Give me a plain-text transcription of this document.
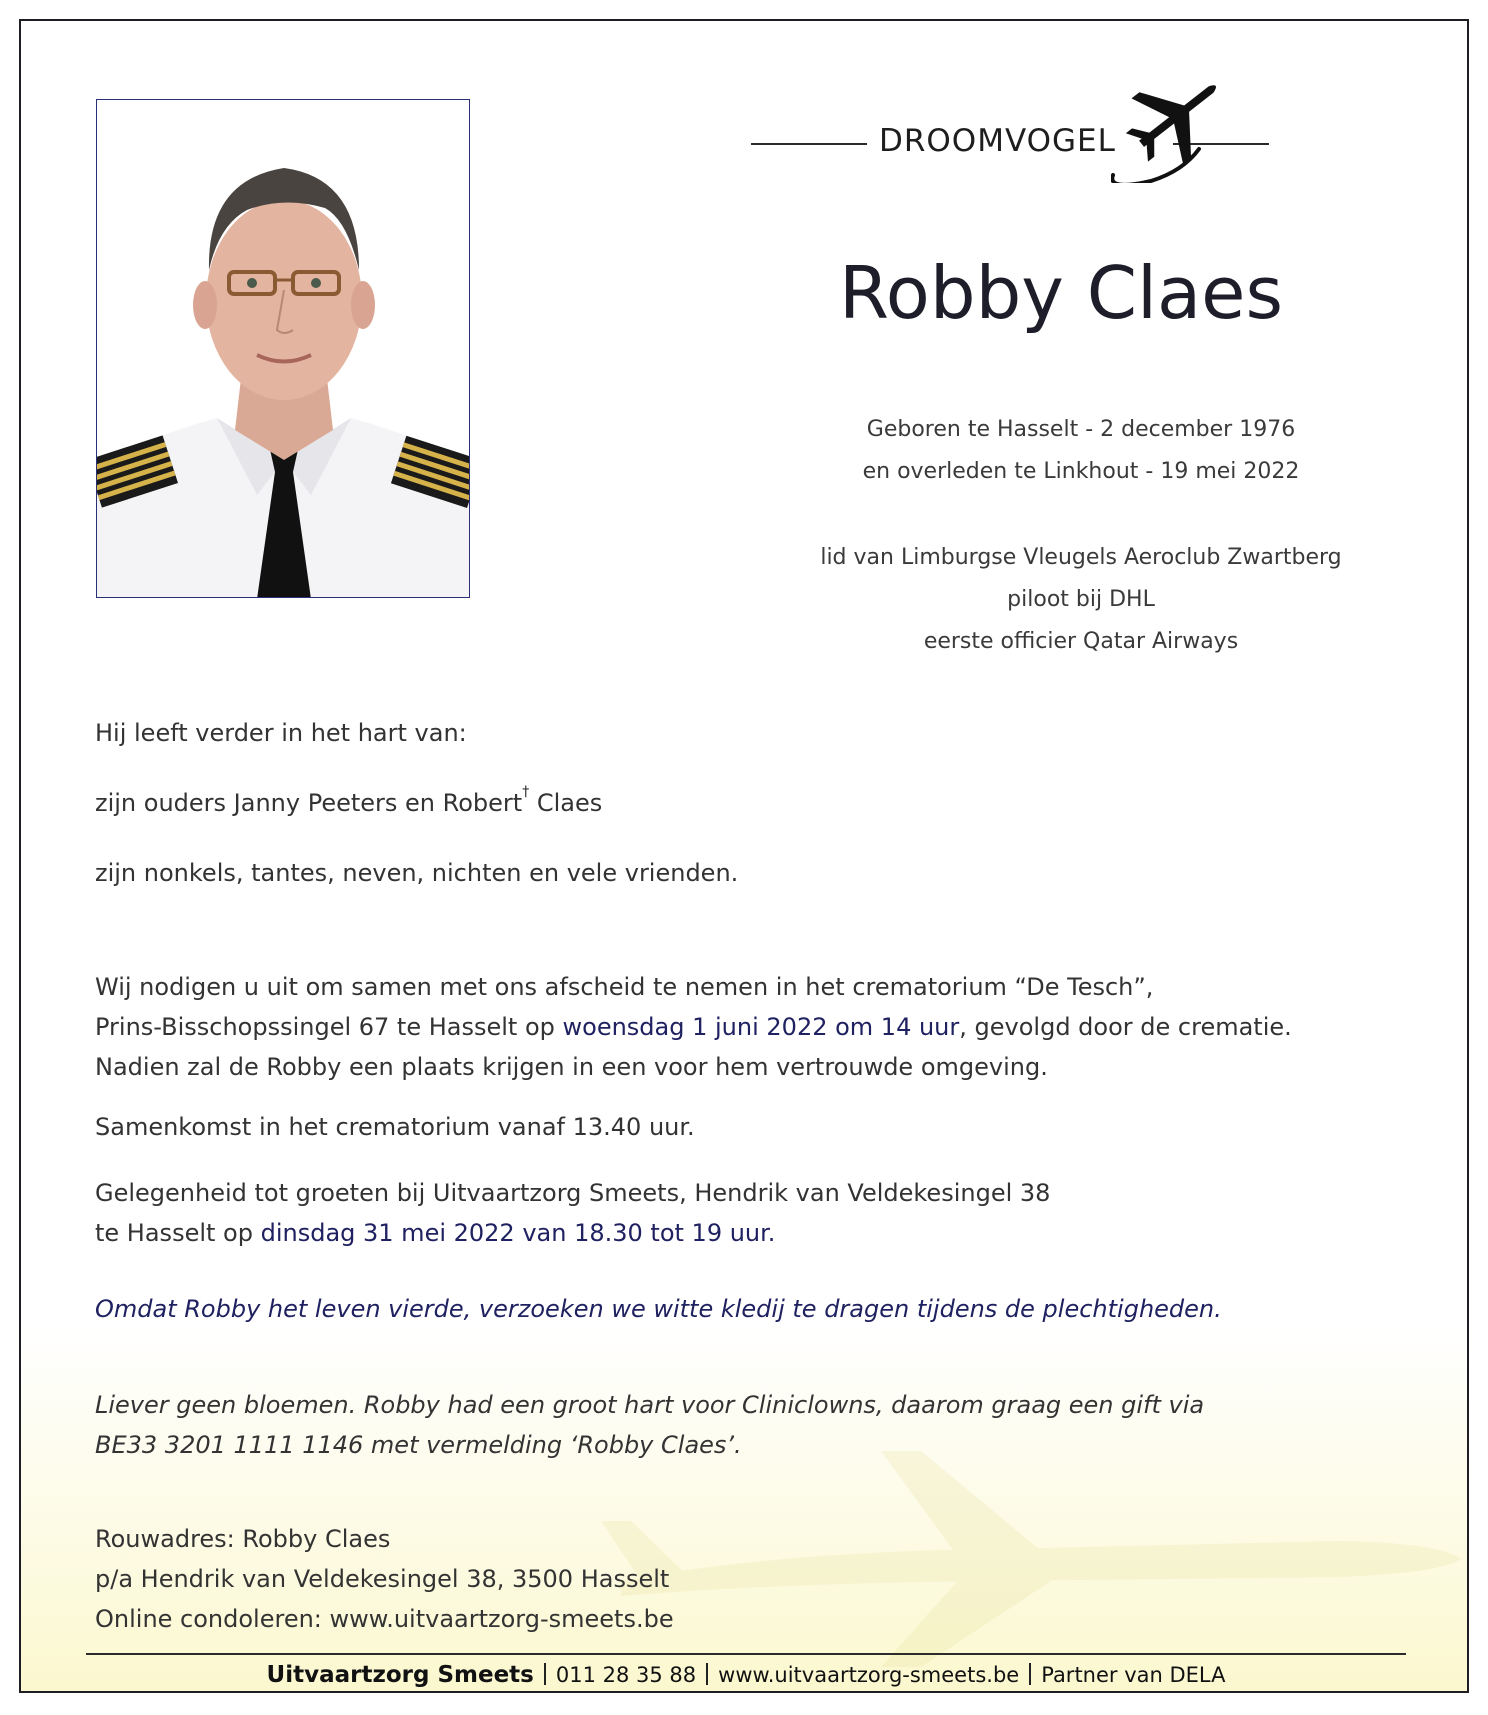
DROOMVOGEL
Robby Claes
Geboren te Hasselt - 2 december 1976
en overleden te Linkhout - 19 mei 2022
lid van Limburgse Vleugels Aeroclub Zwartberg
piloot bij DHL
eerste officier Qatar Airways
Hij leeft verder in het hart van:
zijn ouders Janny Peeters en Robert† Claes
zijn nonkels, tantes, neven, nichten en vele vrienden.
Wij nodigen u uit om samen met ons afscheid te nemen in het crematorium “De Tesch”,
Prins-Bisschopssingel 67 te Hasselt op woensdag 1 juni 2022 om 14 uur, gevolgd door de crematie.
Nadien zal de Robby een plaats krijgen in een voor hem vertrouwde omgeving.
Samenkomst in het crematorium vanaf 13.40 uur.
Gelegenheid tot groeten bij Uitvaartzorg Smeets, Hendrik van Veldekesingel 38
te Hasselt op dinsdag 31 mei 2022 van 18.30 tot 19 uur.
Omdat Robby het leven vierde, verzoeken we witte kledij te dragen tijdens de plechtigheden.
Liever geen bloemen. Robby had een groot hart voor Cliniclowns, daarom graag een gift via
BE33 3201 1111 1146 met vermelding ‘Robby Claes’.
Rouwadres: Robby Claes
p/a Hendrik van Veldekesingel 38, 3500 Hasselt
Online condoleren: www.uitvaartzorg-smeets.be
Uitvaartzorg Smeets 011 28 35 88 www.uitvaartzorg-smeets.be Partner van DELA
